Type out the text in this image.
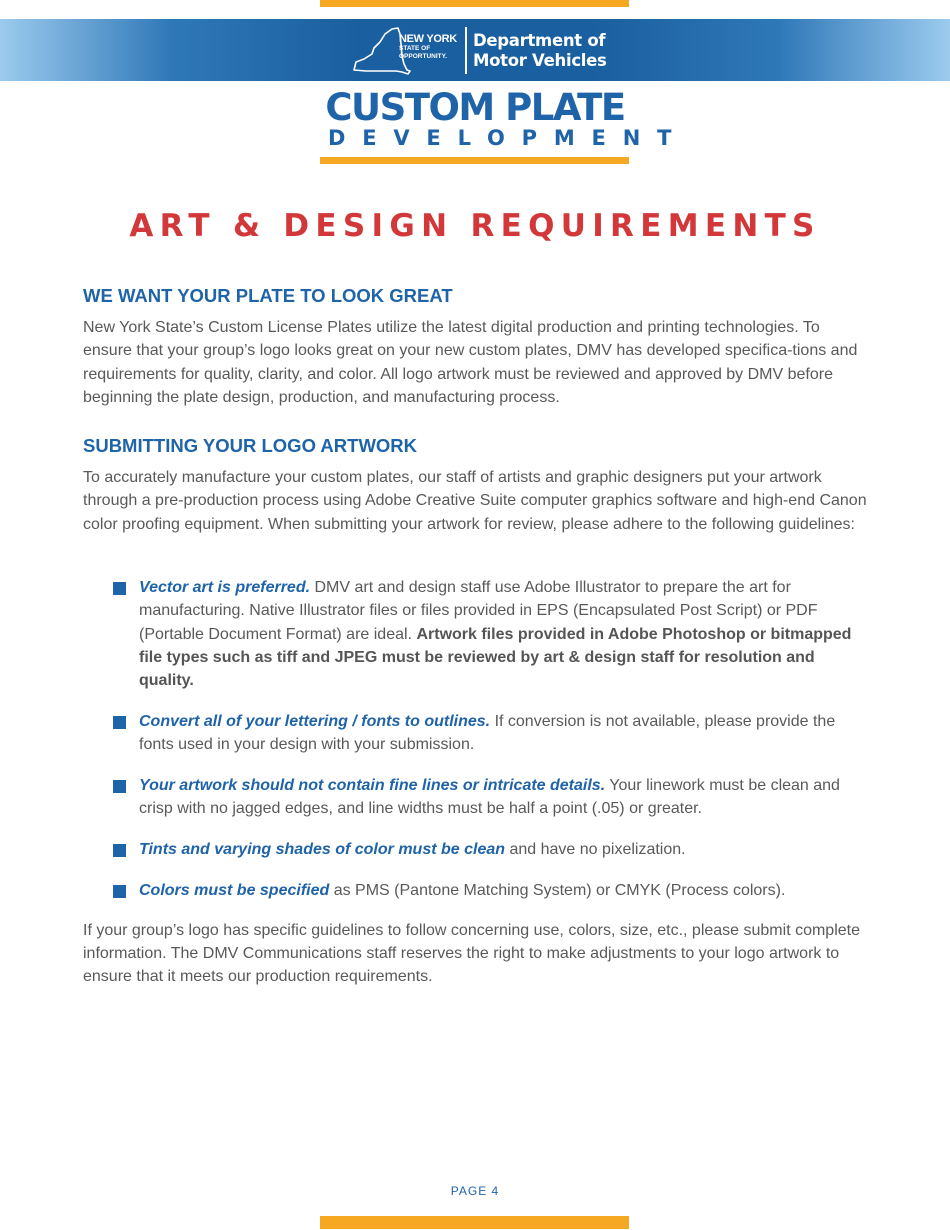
NEW YORK
STATE OF
OPPORTUNITY.
Department of
Motor Vehicles
CUSTOM PLATE
DEVELOPMENT
ART & DESIGN REQUIREMENTS
WE WANT YOUR PLATE TO LOOK GREAT

New York State’s Custom License Plates utilize the latest digital production and printing technologies. To ensure that your group’s logo looks great on your new custom plates, DMV has developed specifica-tions and requirements for quality, clarity, and color. All logo artwork must be reviewed and approved by DMV before beginning the plate design, production, and manufacturing process.

SUBMITTING YOUR LOGO ARTWORK

To accurately manufacture your custom plates, our staff of artists and graphic designers put your artwork through a pre-production process using Adobe Creative Suite computer graphics software and high-end Canon color proofing equipment. When submitting your artwork for review, please adhere to the following guidelines:

Vector art is preferred. DMV art and design staff use Adobe Illustrator to prepare the art for manufacturing. Native Illustrator files or files provided in EPS (Encapsulated Post Script) or PDF (Portable Document Format) are ideal. Artwork files provided in Adobe Photoshop or bitmapped file types such as tiff and JPEG must be reviewed by art & design staff for resolution and quality.
Convert all of your lettering / fonts to outlines. If conversion is not available, please provide the fonts used in your design with your submission.
Your artwork should not contain fine lines or intricate details. Your linework must be clean and crisp with no jagged edges, and line widths must be half a point (.05) or greater.
Tints and varying shades of color must be clean and have no pixelization.
Colors must be specified as PMS (Pantone Matching System) or CMYK (Process colors).

If your group’s logo has specific guidelines to follow concerning use, colors, size, etc., please submit complete information. The DMV Communications staff reserves the right to make adjustments to your logo artwork to ensure that it meets our production requirements.

PAGE 4
